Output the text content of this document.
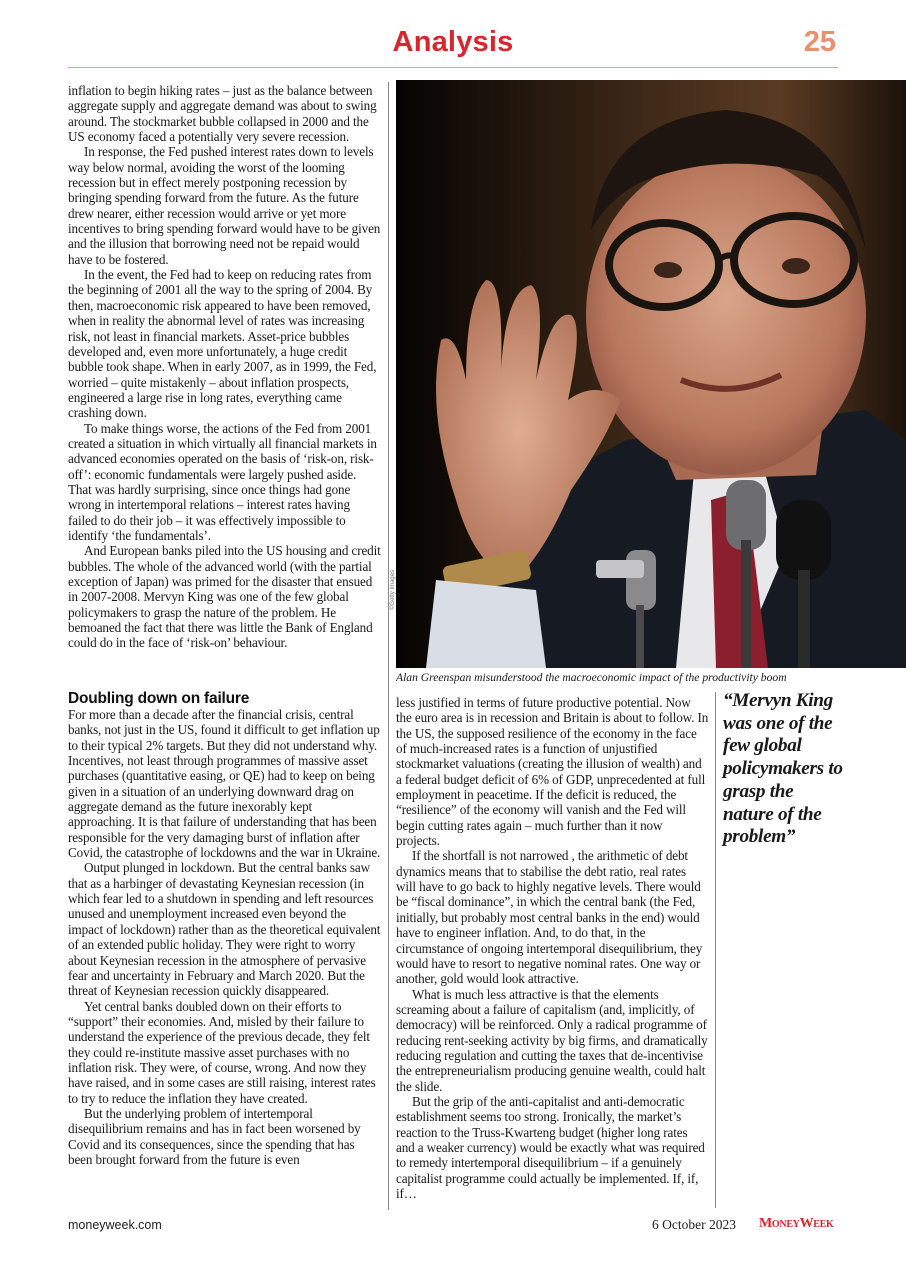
Analysis	25

inflation to begin hiking rates – just as the balance between aggregate supply and aggregate demand was about to swing around. The stockmarket bubble collapsed in 2000 and the US economy faced a potentially very severe recession.

In response, the Fed pushed interest rates down to levels way below normal, avoiding the worst of the looming recession but in effect merely postponing recession by bringing spending forward from the future. As the future drew nearer, either recession would arrive or yet more incentives to bring spending forward would have to be given and the illusion that borrowing need not be repaid would have to be fostered.

In the event, the Fed had to keep on reducing rates from the beginning of 2001 all the way to the spring of 2004. By then, macroeconomic risk appeared to have been removed, when in reality the abnormal level of rates was increasing risk, not least in financial markets. Asset-price bubbles developed and, even more unfortunately, a huge credit bubble took shape. When in early 2007, as in 1999, the Fed, worried – quite mistakenly – about inflation prospects, engineered a large rise in long rates, everything came crashing down.

To make things worse, the actions of the Fed from 2001 created a situation in which virtually all financial markets in advanced economies operated on the basis of ‘risk-on, risk-off’: economic fundamentals were largely pushed aside. That was hardly surprising, since once things had gone wrong in intertemporal relations – interest rates having failed to do their job – it was effectively impossible to identify ‘the fundamentals’.

And European banks piled into the US housing and credit bubbles. The whole of the advanced world (with the partial exception of Japan) was primed for the disaster that ensued in 2007-2008. Mervyn King was one of the few global policymakers to grasp the nature of the problem. He bemoaned the fact that there was little the Bank of England could do in the face of ‘risk-on’ behaviour.

Doubling down on failure

For more than a decade after the financial crisis, central banks, not just in the US, found it difficult to get inflation up to their typical 2% targets. But they did not understand why. Incentives, not least through programmes of massive asset purchases (quantitative easing, or QE) had to keep on being given in a situation of an underlying downward drag on aggregate demand as the future inexorably kept approaching. It is that failure of understanding that has been responsible for the very damaging burst of inflation after Covid, the catastrophe of lockdowns and the war in Ukraine.

Output plunged in lockdown. But the central banks saw that as a harbinger of devastating Keynesian recession (in which fear led to a shutdown in spending and left resources unused and unemployment increased even beyond the impact of lockdown) rather than as the theoretical equivalent of an extended public holiday. They were right to worry about Keynesian recession in the atmosphere of pervasive fear and uncertainty in February and March 2020. But the threat of Keynesian recession quickly disappeared.

Yet central banks doubled down on their efforts to “support” their economies. And, misled by their failure to understand the experience of the previous decade, they felt they could re-institute massive asset purchases with no inflation risk. They were, of course, wrong. And now they have raised, and in some cases are still raising, interest rates to try to reduce the inflation they have created.

But the underlying problem of intertemporal disequilibrium remains and has in fact been worsened by Covid and its consequences, since the spending that has been brought forward from the future is even

©Getty Images
Alan Greenspan misunderstood the macroeconomic impact of the productivity boom

less justified in terms of future productive potential. Now the euro area is in recession and Britain is about to follow. In the US, the supposed resilience of the economy in the face of much-increased rates is a function of unjustified stockmarket valuations (creating the illusion of wealth) and a federal budget deficit of 6% of GDP, unprecedented at full employment in peacetime. If the deficit is reduced, the “resilience” of the economy will vanish and the Fed will begin cutting rates again – much further than it now projects.

If the shortfall is not narrowed , the arithmetic of debt dynamics means that to stabilise the debt ratio, real rates will have to go back to highly negative levels. There would be “fiscal dominance”, in which the central bank (the Fed, initially, but probably most central banks in the end) would have to engineer inflation. And, to do that, in the circumstance of ongoing intertemporal disequilibrium, they would have to resort to negative nominal rates. One way or another, gold would look attractive.

What is much less attractive is that the elements screaming about a failure of capitalism (and, implicitly, of democracy) will be reinforced. Only a radical programme of reducing rent-seeking activity by big firms, and dramatically reducing regulation and cutting the taxes that de-incentivise the entrepreneurialism producing genuine wealth, could halt the slide.

But the grip of the anti-capitalist and anti-democratic establishment seems too strong. Ironically, the market’s reaction to the Truss-Kwarteng budget (higher long rates and a weaker currency) would be exactly what was required to remedy intertemporal disequilibrium – if a genuinely capitalist programme could actually be implemented. If, if, if…

“Mervyn King was one of the few global policymakers to grasp the nature of the problem”
moneyweek.com	6 October 2023 MoneyWeek
